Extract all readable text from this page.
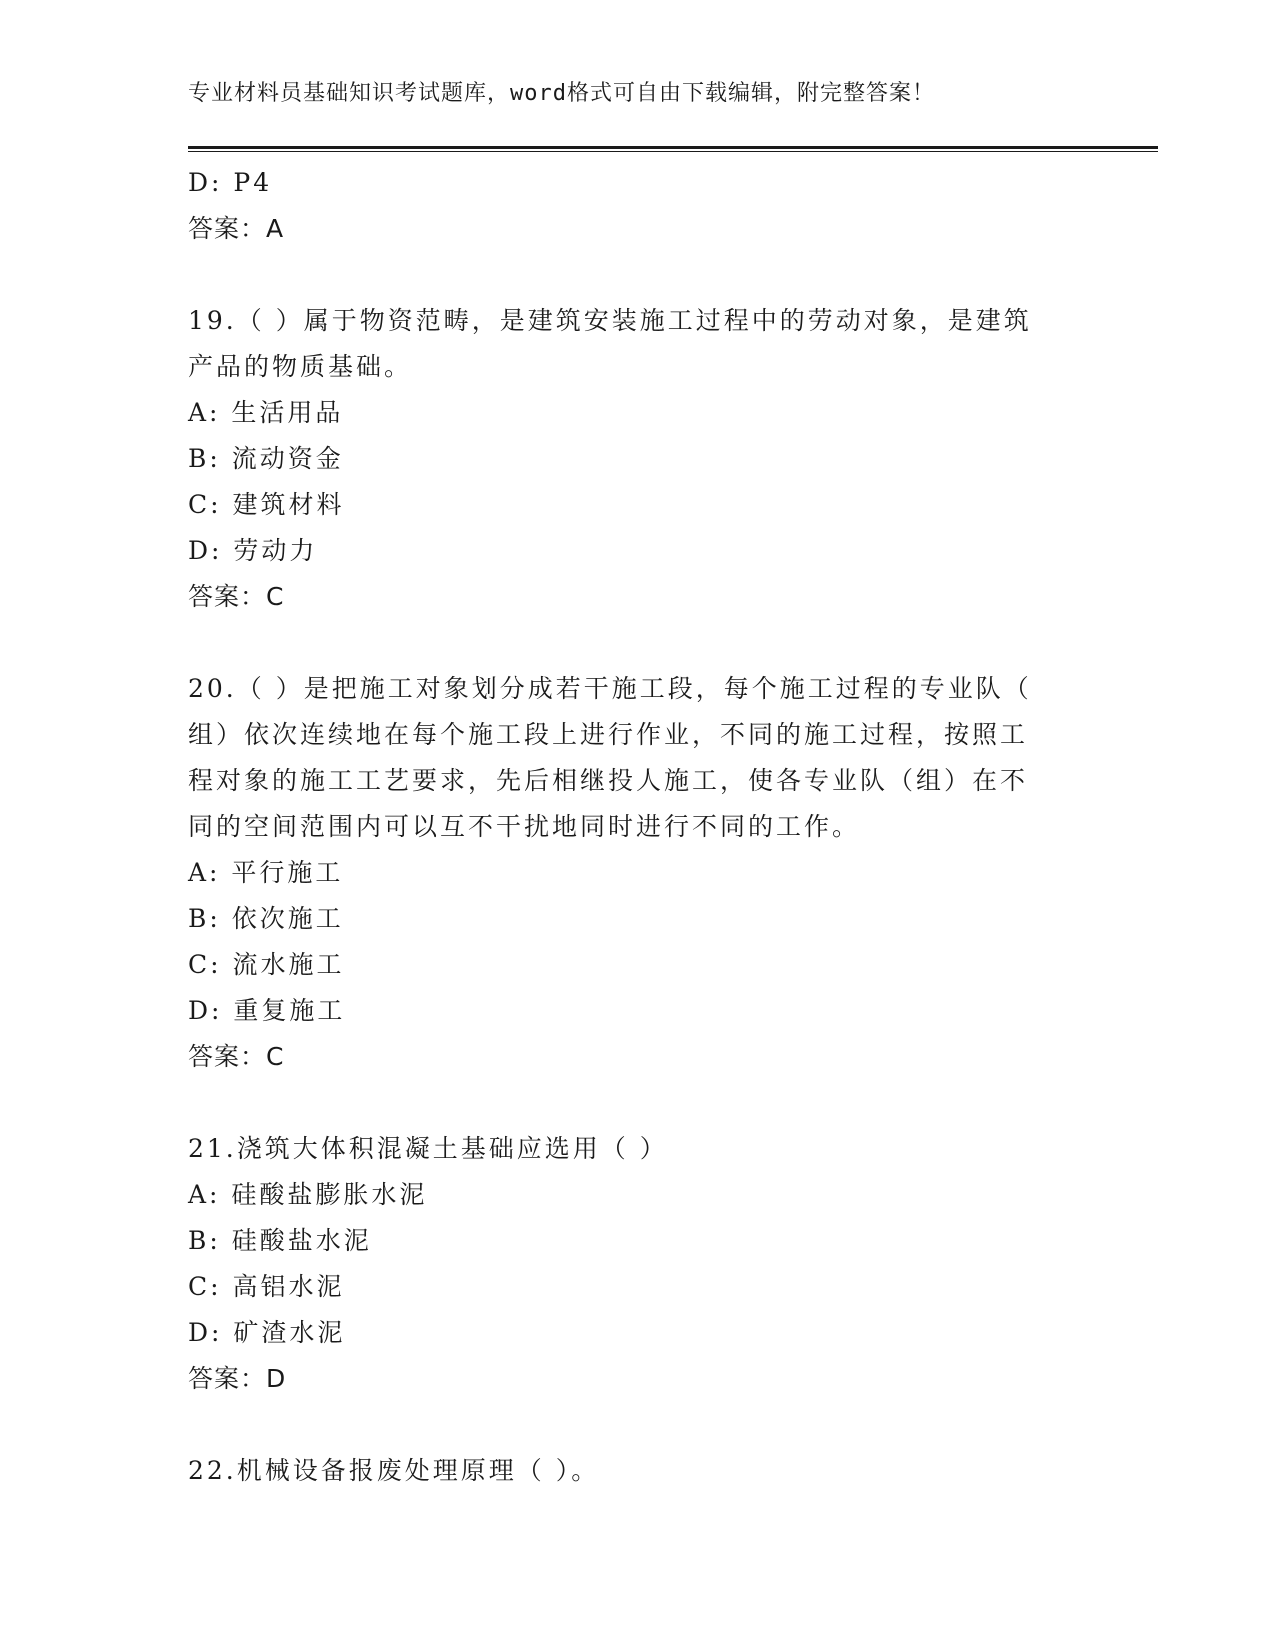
专业材料员基础知识考试题库，word格式可自由下载编辑，附完整答案！
D: P4
答案：A
19.（ ）属于物资范畴，是建筑安装施工过程中的劳动对象，是建筑
产品的物质基础。
A: 生活用品
B: 流动资金
C: 建筑材料
D: 劳动力
答案：C
20.（ ）是把施工对象划分成若干施工段，每个施工过程的专业队（
组）依次连续地在每个施工段上进行作业，不同的施工过程，按照工
程对象的施工工艺要求，先后相继投人施工，使各专业队（组）在不
同的空间范围内可以互不干扰地同时进行不同的工作。
A: 平行施工
B: 依次施工
C: 流水施工
D: 重复施工
答案：C
21.浇筑大体积混凝土基础应选用（ ）
A: 硅酸盐膨胀水泥
B: 硅酸盐水泥
C: 高铝水泥
D: 矿渣水泥
答案：D
22.机械设备报废处理原理（ ）。
